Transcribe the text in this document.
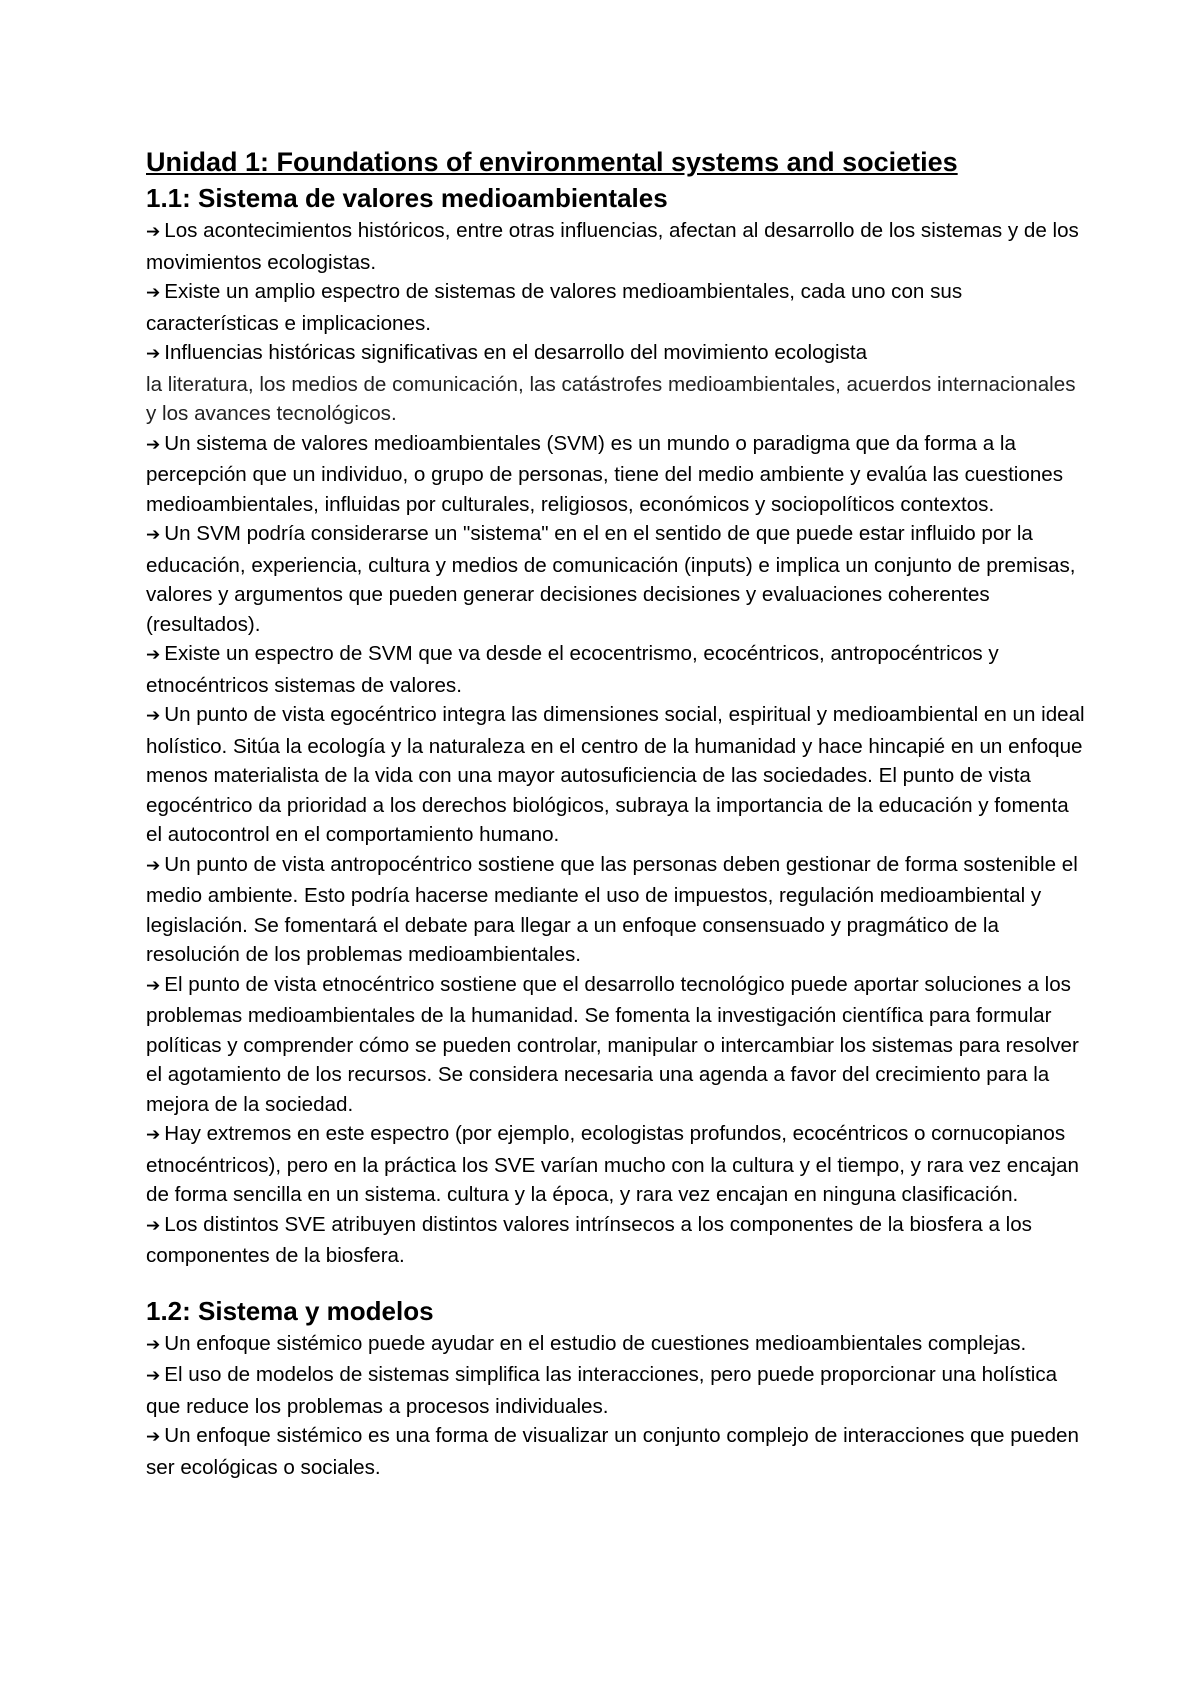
Unidad 1: Foundations of environmental systems and societies
1.1: Sistema de valores medioambientales

➔ Los acontecimientos históricos, entre otras influencias, afectan al desarrollo de los sistemas y de los movimientos ecologistas.

➔ Existe un amplio espectro de sistemas de valores medioambientales, cada uno con sus características e implicaciones.

➔ Influencias históricas significativas en el desarrollo del movimiento ecologista

la literatura, los medios de comunicación, las catástrofes medioambientales, acuerdos internacionales y los avances tecnológicos.

➔ Un sistema de valores medioambientales (SVM) es un mundo o paradigma que da forma a la percepción que un individuo, o grupo de personas, tiene del medio ambiente y evalúa las cuestiones medioambientales, influidas por culturales, religiosos, económicos y sociopolíticos contextos.

➔ Un SVM podría considerarse un "sistema" en el en el sentido de que puede estar influido por la educación, experiencia, cultura y medios de comunicación (inputs) e implica un conjunto de premisas, valores y argumentos que pueden generar decisiones decisiones y evaluaciones coherentes (resultados).

➔ Existe un espectro de SVM que va desde el ecocentrismo, ecocéntricos, antropocéntricos y etnocéntricos sistemas de valores.

➔ Un punto de vista egocéntrico integra las dimensiones social, espiritual y medioambiental en un ideal holístico. Sitúa la ecología y la naturaleza en el centro de la humanidad y hace hincapié en un enfoque menos materialista de la vida con una mayor autosuficiencia de las sociedades. El punto de vista egocéntrico da prioridad a los derechos biológicos, subraya la importancia de la educación y fomenta el autocontrol en el comportamiento humano.

➔ Un punto de vista antropocéntrico sostiene que las personas deben gestionar de forma sostenible el medio ambiente. Esto podría hacerse mediante el uso de impuestos, regulación medioambiental y legislación. Se fomentará el debate para llegar a un enfoque consensuado y pragmático de la resolución de los problemas medioambientales.

➔ El punto de vista etnocéntrico sostiene que el desarrollo tecnológico puede aportar soluciones a los problemas medioambientales de la humanidad. Se fomenta la investigación científica para formular políticas y comprender cómo se pueden controlar, manipular o intercambiar los sistemas para resolver el agotamiento de los recursos. Se considera necesaria una agenda a favor del crecimiento para la mejora de la sociedad.

➔ Hay extremos en este espectro (por ejemplo, ecologistas profundos, ecocéntricos o cornucopianos etnocéntricos), pero en la práctica los SVE varían mucho con la cultura y el tiempo, y rara vez encajan de forma sencilla en un sistema. cultura y la época, y rara vez encajan en ninguna clasificación.

➔ Los distintos SVE atribuyen distintos valores intrínsecos a los componentes de la biosfera a los componentes de la biosfera.

1.2: Sistema y modelos

➔ Un enfoque sistémico puede ayudar en el estudio de cuestiones medioambientales complejas.

➔ El uso de modelos de sistemas simplifica las interacciones, pero puede proporcionar una holística que reduce los problemas a procesos individuales.

➔ Un enfoque sistémico es una forma de visualizar un conjunto complejo de interacciones que pueden ser ecológicas o sociales.
